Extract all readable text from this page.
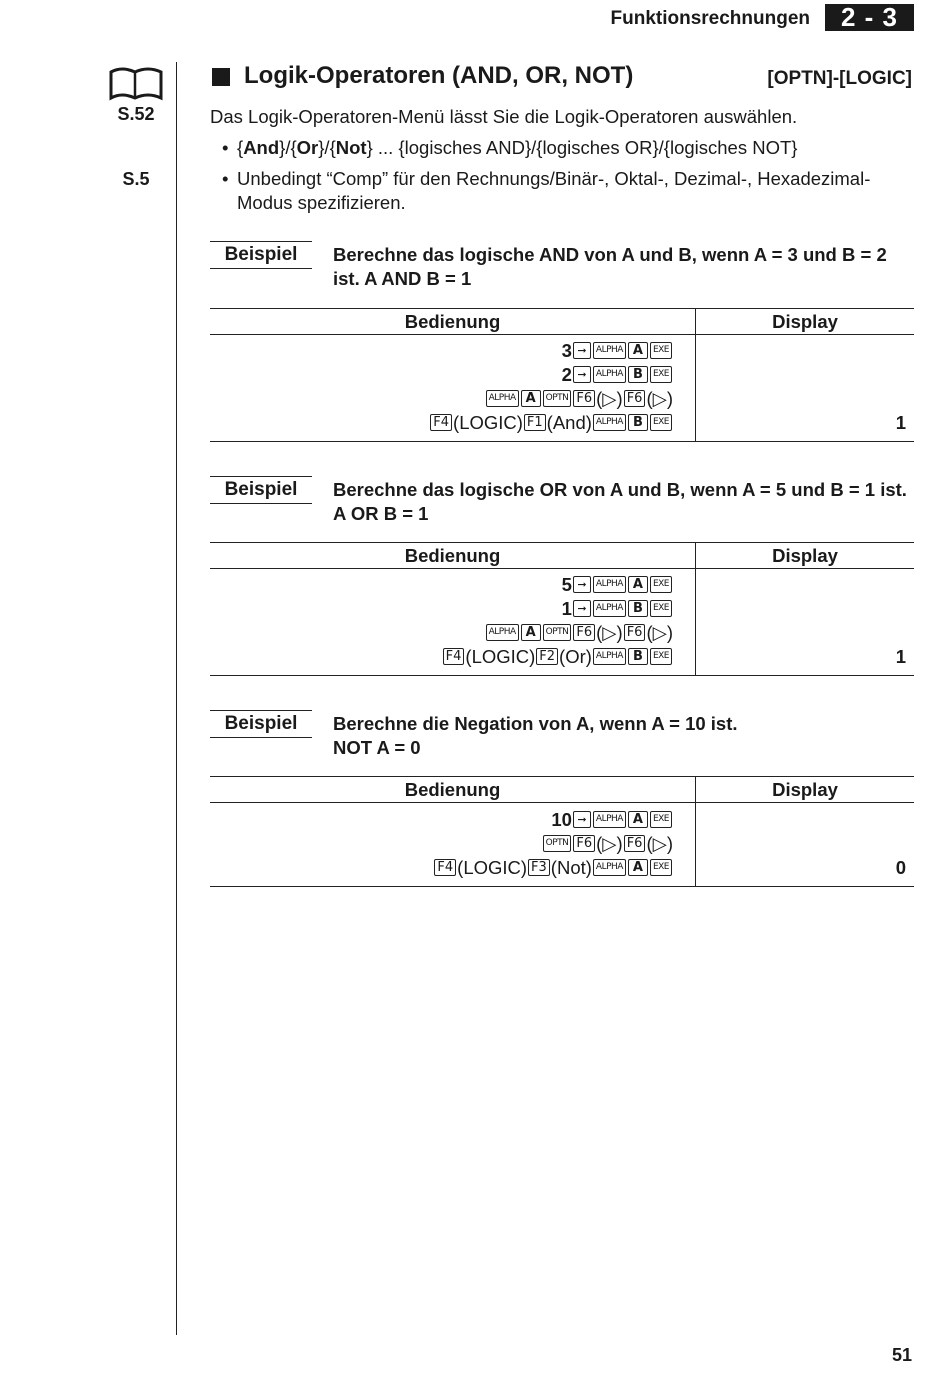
Funktionsrechnungen	2 - 3
S.52
S.5
Logik-Operatoren (AND, OR, NOT)	[OPTN]-[LOGIC]
Das Logik-Operatoren-Menü lässt Sie die Logik-Operatoren auswählen.
• {And}/{Or}/{Not} ... {logisches AND}/{logisches OR}/{logisches NOT}
• Unbedingt “Comp” für den Rechnungs/Binär-, Oktal-, Dezimal-, Hexadezimal-Modus spezifizieren.
Beispiel	Berechne das logische AND von A und B, wenn A = 3 und B = 2 ist. A AND B = 1
Bedienung	Display

3 ➞ ALPHA A EXE
2 ➞ ALPHA B EXE
ALPHA A OPTN F6 (▷) F6 (▷)
F4 (LOGIC) F1 (And) ALPHA B EXE	1
Beispiel	Berechne das logische OR von A und B, wenn A = 5 und B = 1 ist. A OR B = 1
Bedienung	Display

5 ➞ ALPHA A EXE
1 ➞ ALPHA B EXE
ALPHA A OPTN F6 (▷) F6 (▷)
F4 (LOGIC) F2 (Or) ALPHA B EXE	1
Beispiel	Berechne die Negation von A, wenn A = 10 ist.
NOT A = 0
Bedienung	Display

10 ➞ ALPHA A EXE
OPTN F6 (▷) F6 (▷)
F4 (LOGIC) F3 (Not) ALPHA A EXE	0
51
